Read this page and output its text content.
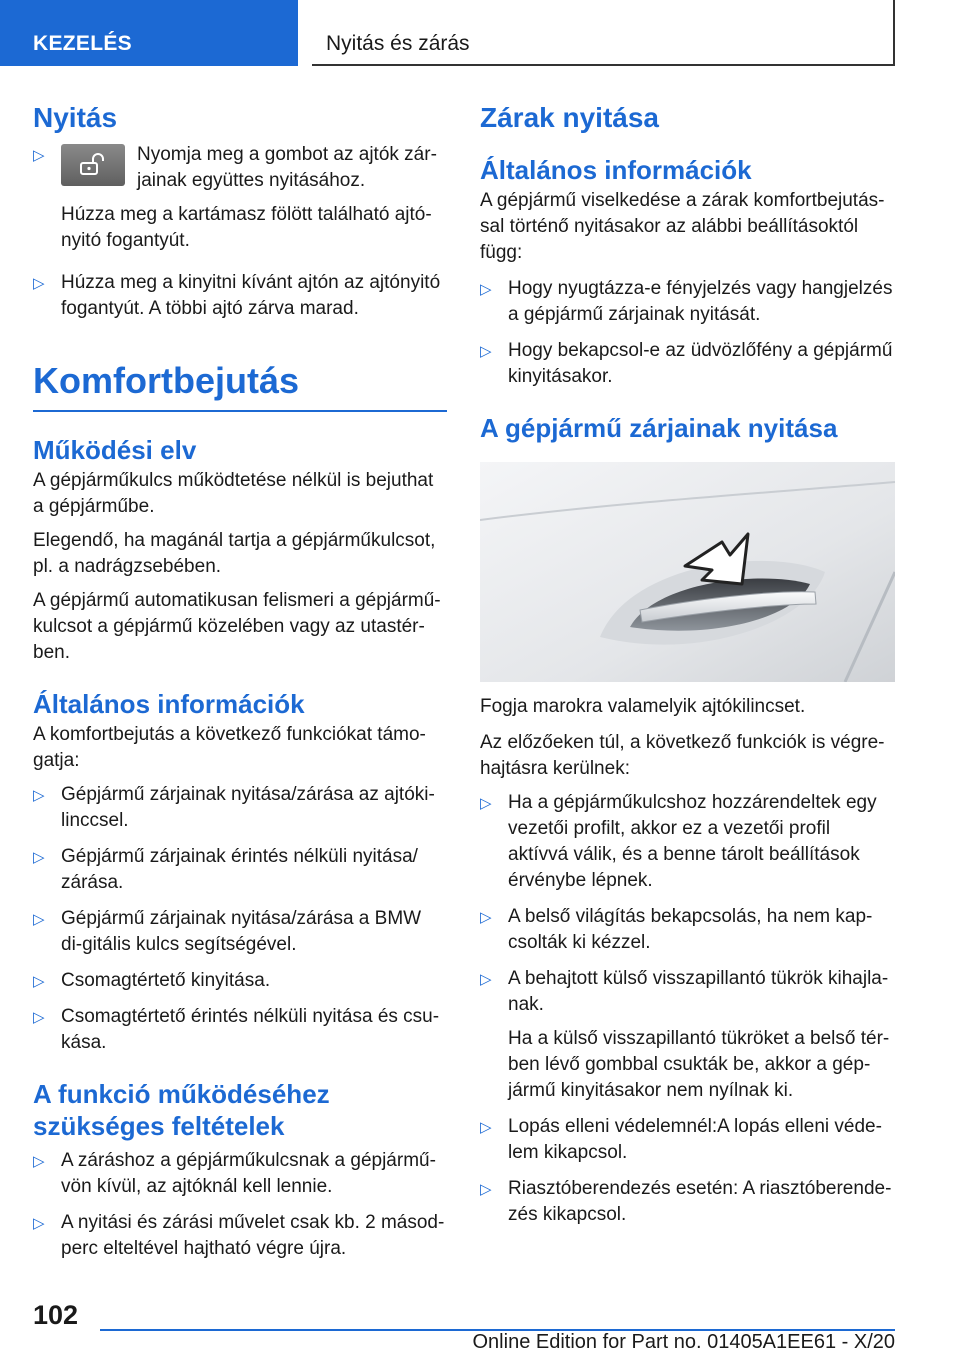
KEZELÉS	Nyitás és zárás
Nyitás
▷ Nyomja meg a gombot az ajtók zár-jainak együttes nyitásához.
Húzza meg a kartámasz fölött található ajtó-nyitó fogantyút.
▷ Húzza meg a kinyitni kívánt ajtón az ajtónyitó fogantyút. A többi ajtó zárva marad.
Komfortbejutás
Működési elv

A gépjárműkulcs működtetése nélkül is bejuthat a gépjárműbe.

Elegendő, ha magánál tartja a gépjárműkulcsot, pl. a nadrágzsebében.

A gépjármű automatikusan felismeri a gépjármű-kulcsot a gépjármű közelében vagy az utastér-ben.

Általános információk

A komfortbejutás a következő funkciókat támo-gatja:

▷ Gépjármű zárjainak nyitása/zárása az ajtóki-linccsel.
▷ Gépjármű zárjainak érintés nélküli nyitása/ zárása.
▷ Gépjármű zárjainak nyitása/zárása a BMW di-gitális kulcs segítségével.
▷ Csomagtértető kinyitása.
▷ Csomagtértető érintés nélküli nyitása és csu-kása.
A funkció működéséhez szükséges feltételek
▷ A záráshoz a gépjárműkulcsnak a gépjármű-vön kívül, az ajtóknál kell lennie.
▷ A nyitási és zárási művelet csak kb. 2 másod-perc elteltével hajtható végre újra.
Zárak nyitása
Általános információk

A gépjármű viselkedése a zárak komfortbejutás-sal történő nyitásakor az alábbi beállításoktól függ:

▷ Hogy nyugtázza-e fényjelzés vagy hangjelzés a gépjármű zárjainak nyitását.
▷ Hogy bekapcsol-e az üdvözlőfény a gépjármű kinyitásakor.
A gépjármű zárjainak nyitása

Fogja marokra valamelyik ajtókilincset.

Az előzőeken túl, a következő funkciók is végre-hajtásra kerülnek:

▷ Ha a gépjárműkulcshoz hozzárendeltek egy vezetői profilt, akkor ez a vezetői profil aktívvá válik, és a benne tárolt beállítások érvénybe lépnek.
▷ A belső világítás bekapcsolás, ha nem kap-csolták ki kézzel.
▷ A behajtott külső visszapillantó tükrök kihajla-nak.
Ha a külső visszapillantó tükröket a belső tér-ben lévő gombbal csukták be, akkor a gép-jármű kinyitásakor nem nyílnak ki.
▷ Lopás elleni védelemnél:A lopás elleni véde-lem kikapcsol.
▷ Riasztóberendezés esetén: A riasztóberende-zés kikapcsol.
102
Online Edition for Part no. 01405A1EE61 - X/20
